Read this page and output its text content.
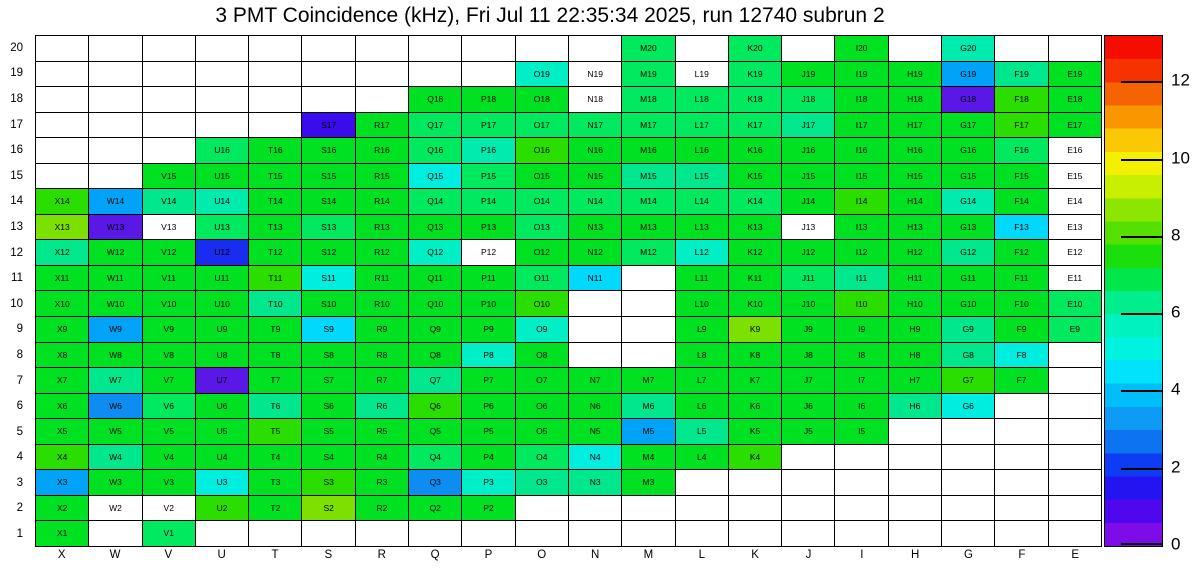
3 PMT Coincidence (kHz), Fri Jul 11 22:35:34 2025, run 12740 subrun 2
20
19
18
17
16
15
14
13
12
11
10
9
8
7
6
5
4
3
2
1
M20	K20	I20	G20
O19	N19	M19	L19	K19	J19	I19	H19	G19	F19	E19
Q18	P18	O18	N18	M18	L18	K18	J18	I18	H18	G18	F18	E18
S17	R17	Q17	P17	O17	N17	M17	L17	K17	J17	I17	H17	G17	F17	E17
U16	T16	S16	R16	Q16	P16	O16	N16	M16	L16	K16	J16	I16	H16	G16	F16	E16
V15	U15	T15	S15	R15	Q15	P15	O15	N15	M15	L15	K15	J15	I15	H15	G15	F15	E15
X14	W14	V14	U14	T14	S14	R14	Q14	P14	O14	N14	M14	L14	K14	J14	I14	H14	G14	F14	E14
X13	W13	V13	U13	T13	S13	R13	Q13	P13	O13	N13	M13	L13	K13	J13	I13	H13	G13	F13	E13
X12	W12	V12	U12	T12	S12	R12	Q12	P12	O12	N12	M12	L12	K12	J12	I12	H12	G12	F12	E12
X11	W11	V11	U11	T11	S11	R11	Q11	P11	O11	N11	L11	K11	J11	I11	H11	G11	F11	E11
X10	W10	V10	U10	T10	S10	R10	Q10	P10	O10	L10	K10	J10	I10	H10	G10	F10	E10
X9	W9	V9	U9	T9	S9	R9	Q9	P9	O9	L9	K9	J9	I9	H9	G9	F9	E9
X8	W8	V8	U8	T8	S8	R8	Q8	P8	O8	L8	K8	J8	I8	H8	G8	F8
X7	W7	V7	U7	T7	S7	R7	Q7	P7	O7	N7	M7	L7	K7	J7	I7	H7	G7	F7
X6	W6	V6	U6	T6	S6	R6	Q6	P6	O6	N6	M6	L6	K6	J6	I6	H6	G6
X5	W5	V5	U5	T5	S5	R5	Q5	P5	O5	N5	M5	L5	K5	J5	I5
X4	W4	V4	U4	T4	S4	R4	Q4	P4	O4	N4	M4	L4	K4
X3	W3	V3	U3	T3	S3	R3	Q3	P3	O3	N3	M3
X2	W2	V2	U2	T2	S2	R2	Q2	P2
X1	V1
X	W	V	U	T	S	R	Q	P	O	N	M	L	K	J	I	H	G	F	E
0
2
4
6
8
10
12
